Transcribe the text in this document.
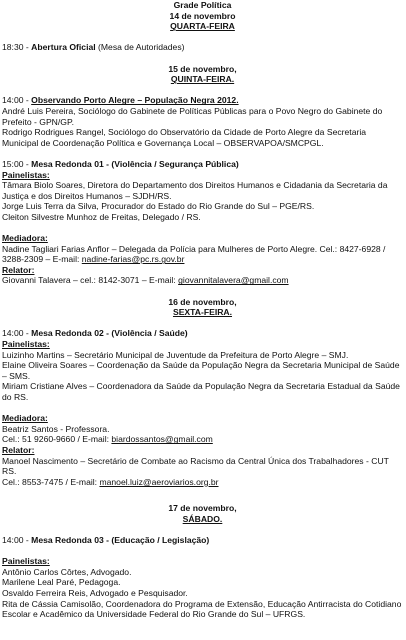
Grade Política

14 de novembro

QUARTA-FEIRA

18:30 - Abertura Oficial (Mesa de Autoridades)

15 de novembro,

QUINTA-FEIRA.

14:00 - Observando Porto Alegre – População Negra 2012.

André Luis Pereira, Sociólogo do Gabinete de Políticas Públicas para o Povo Negro do Gabinete do Prefeito - GPN/GP.

Rodrigo Rodrigues Rangel, Sociólogo do Observatório da Cidade de Porto Alegre da Secretaria Municipal de Coordenação Política e Governança Local – OBSERVAPOA/SMCPGL.

15:00 - Mesa Redonda 01 - (Violência / Segurança Pública)

Painelistas:

Tâmara Biolo Soares, Diretora do Departamento dos Direitos Humanos e Cidadania da Secretaria da Justiça e dos Direitos Humanos – SJDH/RS.

Jorge Luis Terra da Silva, Procurador do Estado do Rio Grande do Sul – PGE/RS.

Cleiton Silvestre Munhoz de Freitas, Delegado / RS.

Mediadora:

Nadine Tagliari Farias Anflor – Delegada da Polícia para Mulheres de Porto Alegre. Cel.: 8427-6928 / 3288-2309 – E-mail: nadine-farias@pc.rs.gov.br

Relator:

Giovanni Talavera – cel.: 8142-3071 – E-mail: giovannitalavera@gmail.com

16 de novembro,

SEXTA-FEIRA.

14:00 - Mesa Redonda 02 - (Violência / Saúde)

Painelistas:

Luizinho Martins – Secretário Municipal de Juventude da Prefeitura de Porto Alegre – SMJ.

Elaine Oliveira Soares – Coordenação da Saúde da População Negra da Secretaria Municipal de Saúde – SMS.

Miriam Cristiane Alves – Coordenadora da Saúde da População Negra da Secretaria Estadual da Saúde do RS.

Mediadora:

Beatriz Santos - Professora.

Cel.: 51 9260-9660 / E-mail: biardossantos@gmail.com

Relator:

Manoel Nascimento – Secretário de Combate ao Racismo da Central Única dos Trabalhadores - CUT RS.

Cel.: 8553-7475 / E-mail: manoel.luiz@aeroviarios.org.br

17 de novembro,

SÁBADO.

14:00 - Mesa Redonda 03 - (Educação / Legislação)

Painelistas:

Antônio Carlos Côrtes, Advogado.

Marilene Leal Paré, Pedagoga.

Osvaldo Ferreira Reis, Advogado e Pesquisador.

Rita de Cássia Camisolão, Coordenadora do Programa de Extensão, Educação Antirracista do Cotidiano Escolar e Acadêmico da Universidade Federal do Rio Grande do Sul – UFRGS.
